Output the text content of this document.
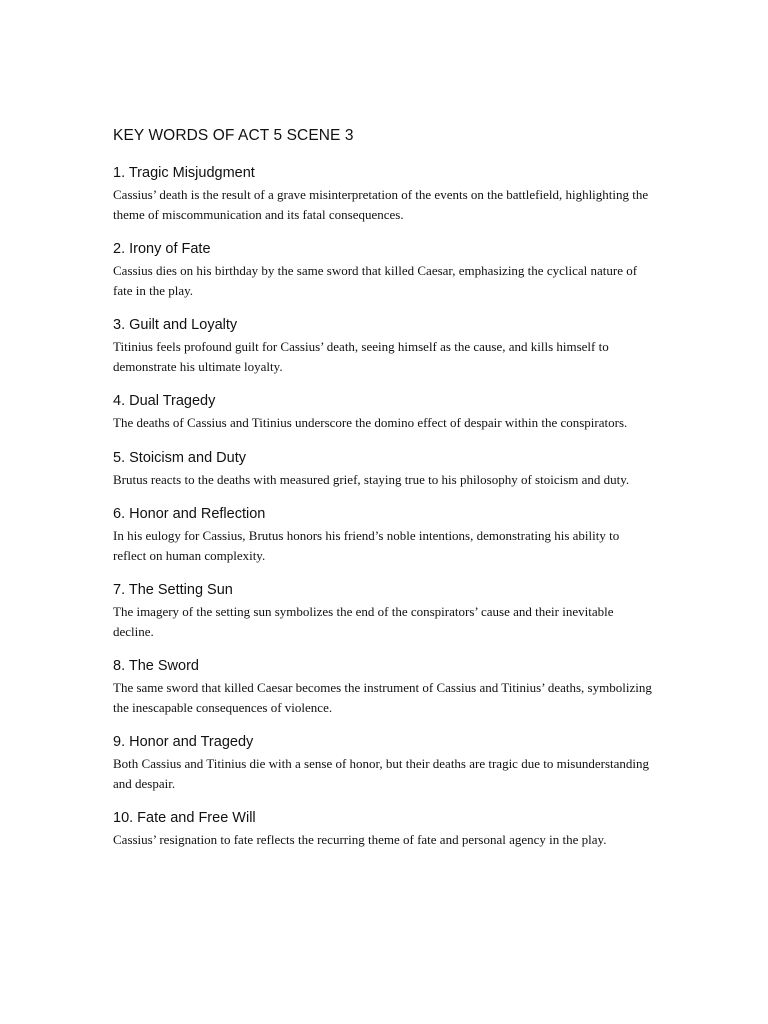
KEY WORDS OF ACT 5 SCENE 3
1. Tragic Misjudgment

Cassius’ death is the result of a grave misinterpretation of the events on the battlefield, highlighting the theme of miscommunication and its fatal consequences.

2. Irony of Fate

Cassius dies on his birthday by the same sword that killed Caesar, emphasizing the cyclical nature of fate in the play.

3. Guilt and Loyalty

Titinius feels profound guilt for Cassius’ death, seeing himself as the cause, and kills himself to demonstrate his ultimate loyalty.

4. Dual Tragedy

The deaths of Cassius and Titinius underscore the domino effect of despair within the conspirators.

5. Stoicism and Duty

Brutus reacts to the deaths with measured grief, staying true to his philosophy of stoicism and duty.

6. Honor and Reflection

In his eulogy for Cassius, Brutus honors his friend’s noble intentions, demonstrating his ability to reflect on human complexity.

7. The Setting Sun

The imagery of the setting sun symbolizes the end of the conspirators’ cause and their inevitable decline.

8. The Sword

The same sword that killed Caesar becomes the instrument of Cassius and Titinius’ deaths, symbolizing the inescapable consequences of violence.

9. Honor and Tragedy

Both Cassius and Titinius die with a sense of honor, but their deaths are tragic due to misunderstanding and despair.

10. Fate and Free Will

Cassius’ resignation to fate reflects the recurring theme of fate and personal agency in the play.
